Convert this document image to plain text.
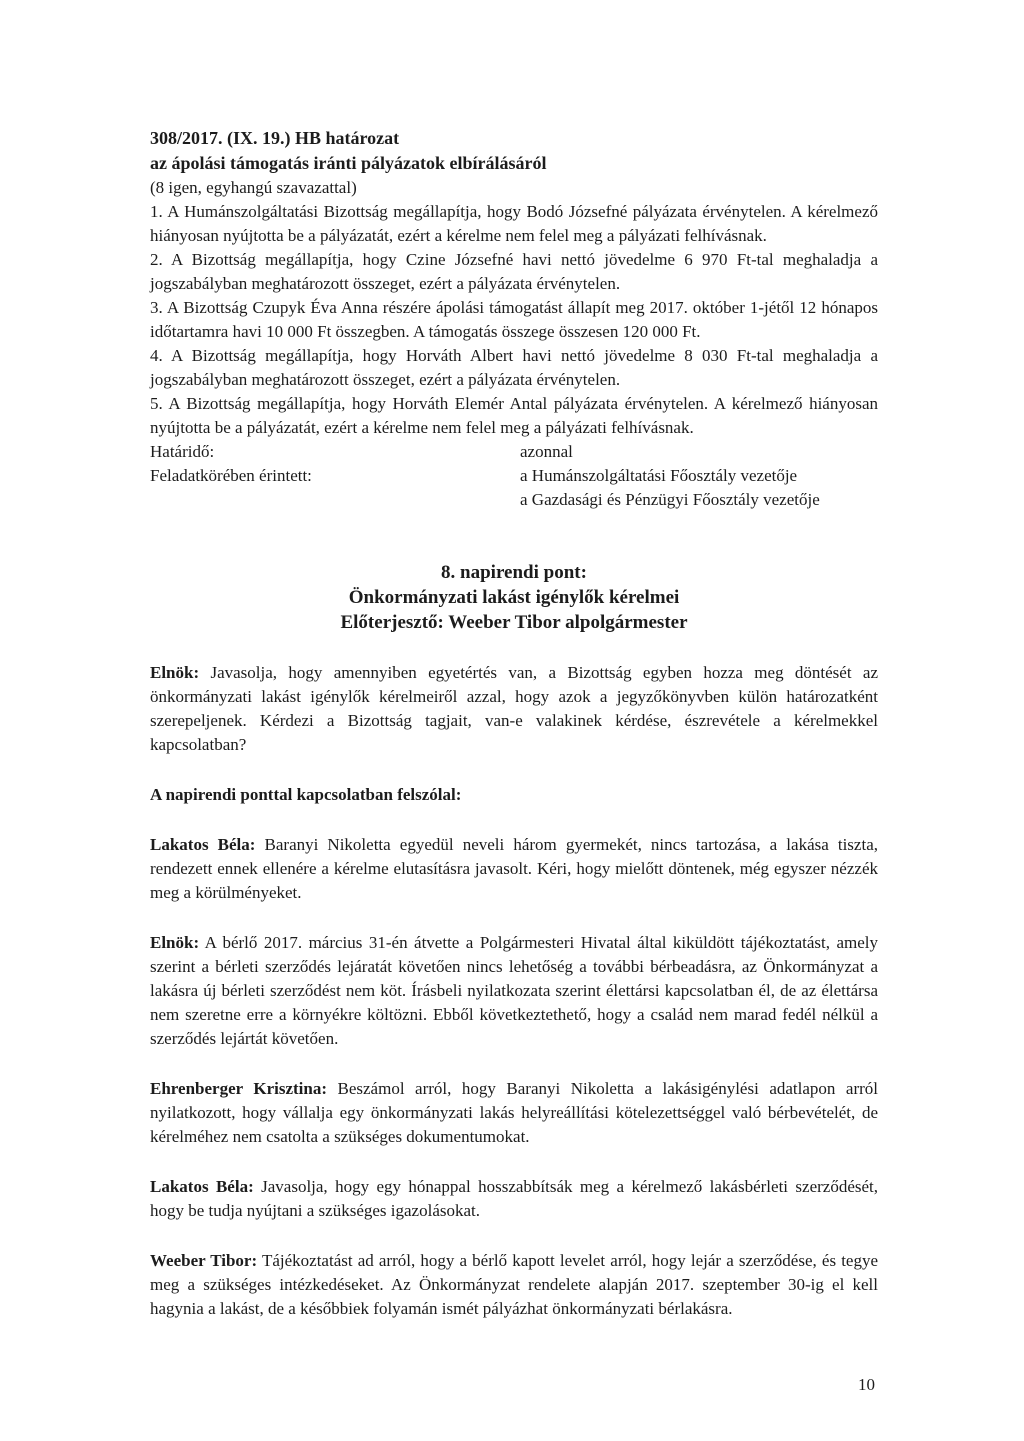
308/2017. (IX. 19.) HB határozat
az ápolási támogatás iránti pályázatok elbírálásáról
(8 igen, egyhangú szavazattal)
1. A Humánszolgáltatási Bizottság megállapítja, hogy Bodó Józsefné pályázata érvénytelen. A kérelmező hiányosan nyújtotta be a pályázatát, ezért a kérelme nem felel meg a pályázati felhívásnak.
2. A Bizottság megállapítja, hogy Czine Józsefné havi nettó jövedelme 6 970 Ft-tal meghaladja a jogszabályban meghatározott összeget, ezért a pályázata érvénytelen.
3. A Bizottság Czupyk Éva Anna részére ápolási támogatást állapít meg 2017. október 1-jétől 12 hónapos időtartamra havi 10 000 Ft összegben. A támogatás összege összesen 120 000 Ft.
4. A Bizottság megállapítja, hogy Horváth Albert havi nettó jövedelme 8 030 Ft-tal meghaladja a jogszabályban meghatározott összeget, ezért a pályázata érvénytelen.
5. A Bizottság megállapítja, hogy Horváth Elemér Antal pályázata érvénytelen. A kérelmező hiányosan nyújtotta be a pályázatát, ezért a kérelme nem felel meg a pályázati felhívásnak.
Határidő:	azonnal
Feladatkörében érintett:	a Humánszolgáltatási Főosztály vezetője
a Gazdasági és Pénzügyi Főosztály vezetője
8. napirendi pont:
Önkormányzati lakást igénylők kérelmei
Előterjesztő: Weeber Tibor alpolgármester
Elnök: Javasolja, hogy amennyiben egyetértés van, a Bizottság egyben hozza meg döntését az önkormányzati lakást igénylők kérelmeiről azzal, hogy azok a jegyzőkönyvben külön határozatként szerepeljenek. Kérdezi a Bizottság tagjait, van-e valakinek kérdése, észrevétele a kérelmekkel kapcsolatban?
A napirendi ponttal kapcsolatban felszólal:
Lakatos Béla: Baranyi Nikoletta egyedül neveli három gyermekét, nincs tartozása, a lakása tiszta, rendezett ennek ellenére a kérelme elutasításra javasolt. Kéri, hogy mielőtt döntenek, még egyszer nézzék meg a körülményeket.
Elnök: A bérlő 2017. március 31-én átvette a Polgármesteri Hivatal által kiküldött tájékoztatást, amely szerint a bérleti szerződés lejáratát követően nincs lehetőség a további bérbeadásra, az Önkormányzat a lakásra új bérleti szerződést nem köt. Írásbeli nyilatkozata szerint élettársi kapcsolatban él, de az élettársa nem szeretne erre a környékre költözni. Ebből következtethető, hogy a család nem marad fedél nélkül a szerződés lejártát követően.
Ehrenberger Krisztina: Beszámol arról, hogy Baranyi Nikoletta a lakásigénylési adatlapon arról nyilatkozott, hogy vállalja egy önkormányzati lakás helyreállítási kötelezettséggel való bérbevételét, de kérelméhez nem csatolta a szükséges dokumentumokat.
Lakatos Béla: Javasolja, hogy egy hónappal hosszabbítsák meg a kérelmező lakásbérleti szerződését, hogy be tudja nyújtani a szükséges igazolásokat.
Weeber Tibor: Tájékoztatást ad arról, hogy a bérlő kapott levelet arról, hogy lejár a szerződése, és tegye meg a szükséges intézkedéseket. Az Önkormányzat rendelete alapján 2017. szeptember 30-ig el kell hagynia a lakást, de a későbbiek folyamán ismét pályázhat önkormányzati bérlakásra.
10
